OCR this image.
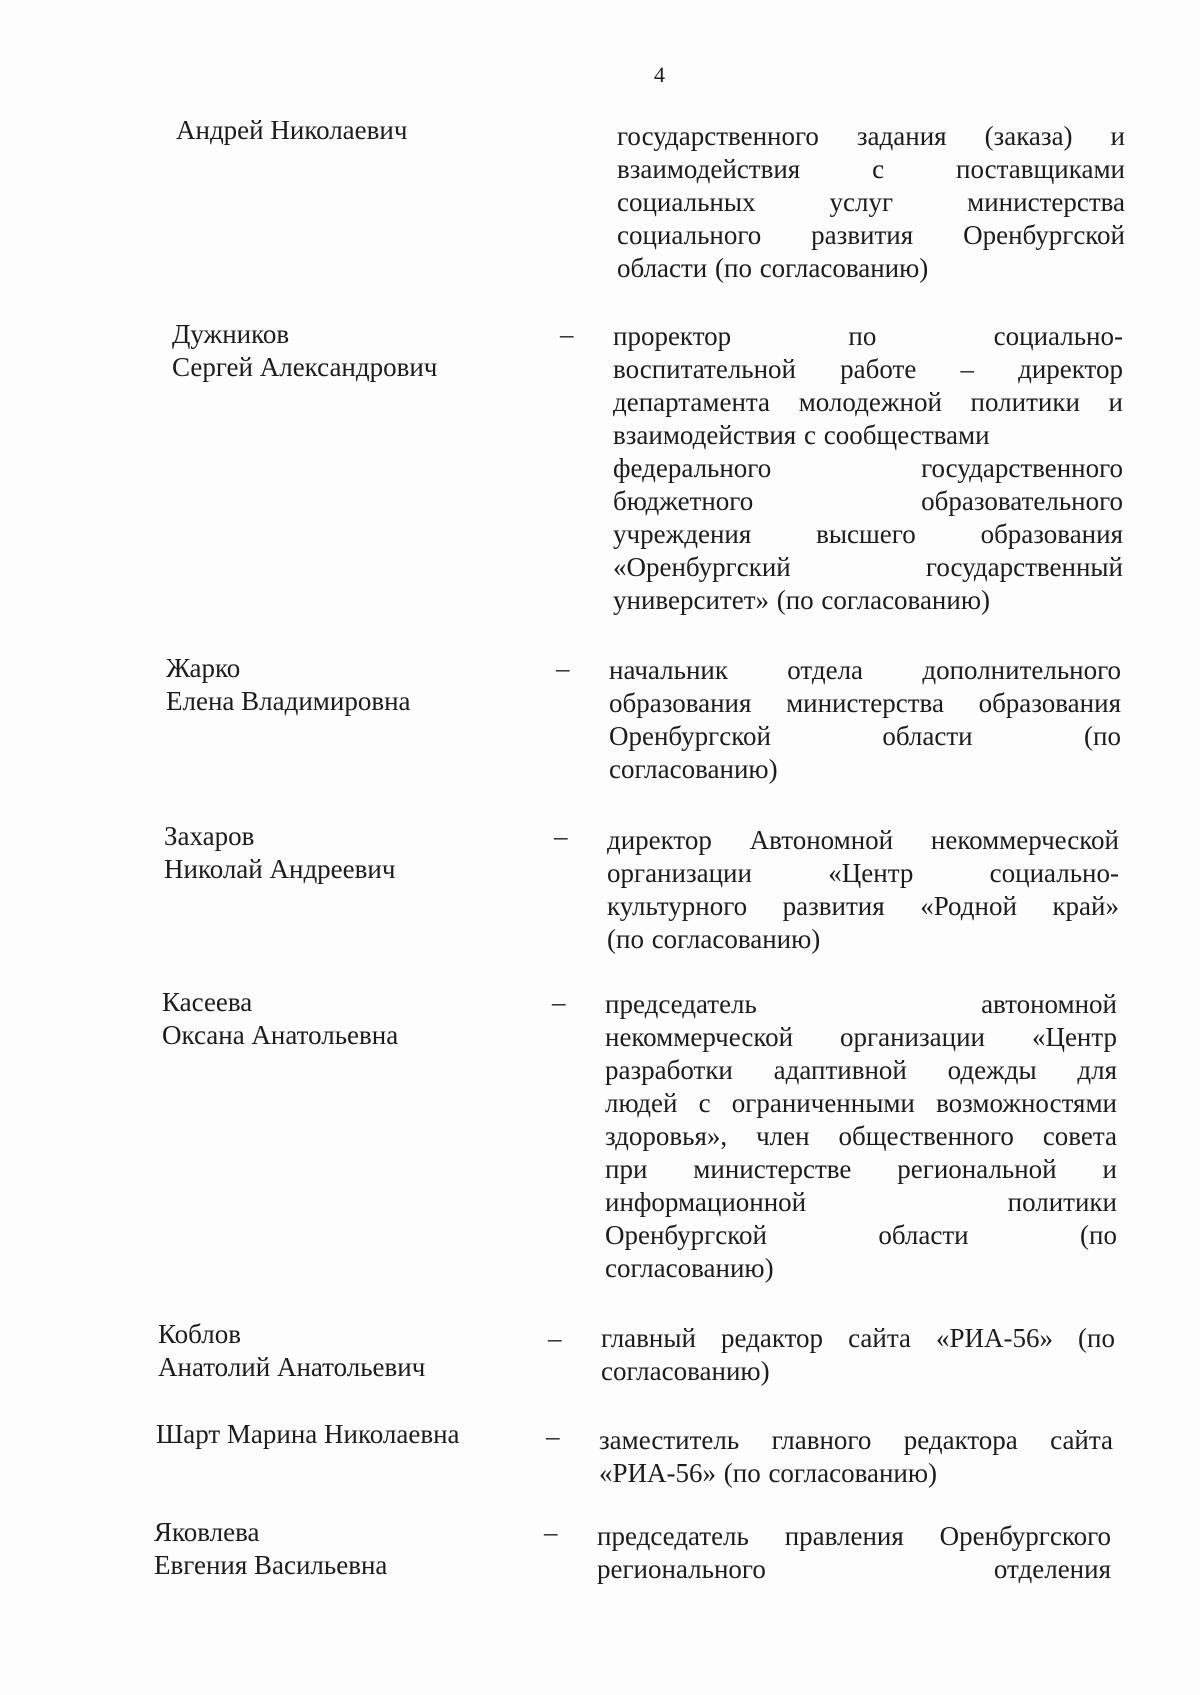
4
Андрей Николаевич	государственного задания (заказа) и
взаимодействия с поставщиками
социальных услуг министерства
социального развития Оренбургской
области (по согласованию)
Дужников
Сергей Александрович
– проректор по социально-
воспитательной работе – директор
департамента молодежной политики и
взаимодействия с сообществами
федерального государственного
бюджетного образовательного
учреждения высшего образования
«Оренбургский государственный
университет» (по согласованию)
Жарко
Елена Владимировна
– начальник отдела дополнительного
образования министерства образования
Оренбургской области (по
согласованию)
Захаров
Николай Андреевич
– директор Автономной некоммерческой
организации «Центр социально-
культурного развития «Родной край»
(по согласованию)
Касеева
Оксана Анатольевна
– председатель автономной
некоммерческой организации «Центр
разработки адаптивной одежды для
людей с ограниченными возможностями
здоровья», член общественного совета
при министерстве региональной и
информационной политики
Оренбургской области (по
согласованию)
Коблов
Анатолий Анатольевич
– главный редактор сайта «РИА-56» (по
согласованию)
Шарт Марина Николаевна	– заместитель главного редактора сайта
«РИА-56» (по согласованию)
Яковлева
Евгения Васильевна
– председатель правления Оренбургского
регионального отделения
